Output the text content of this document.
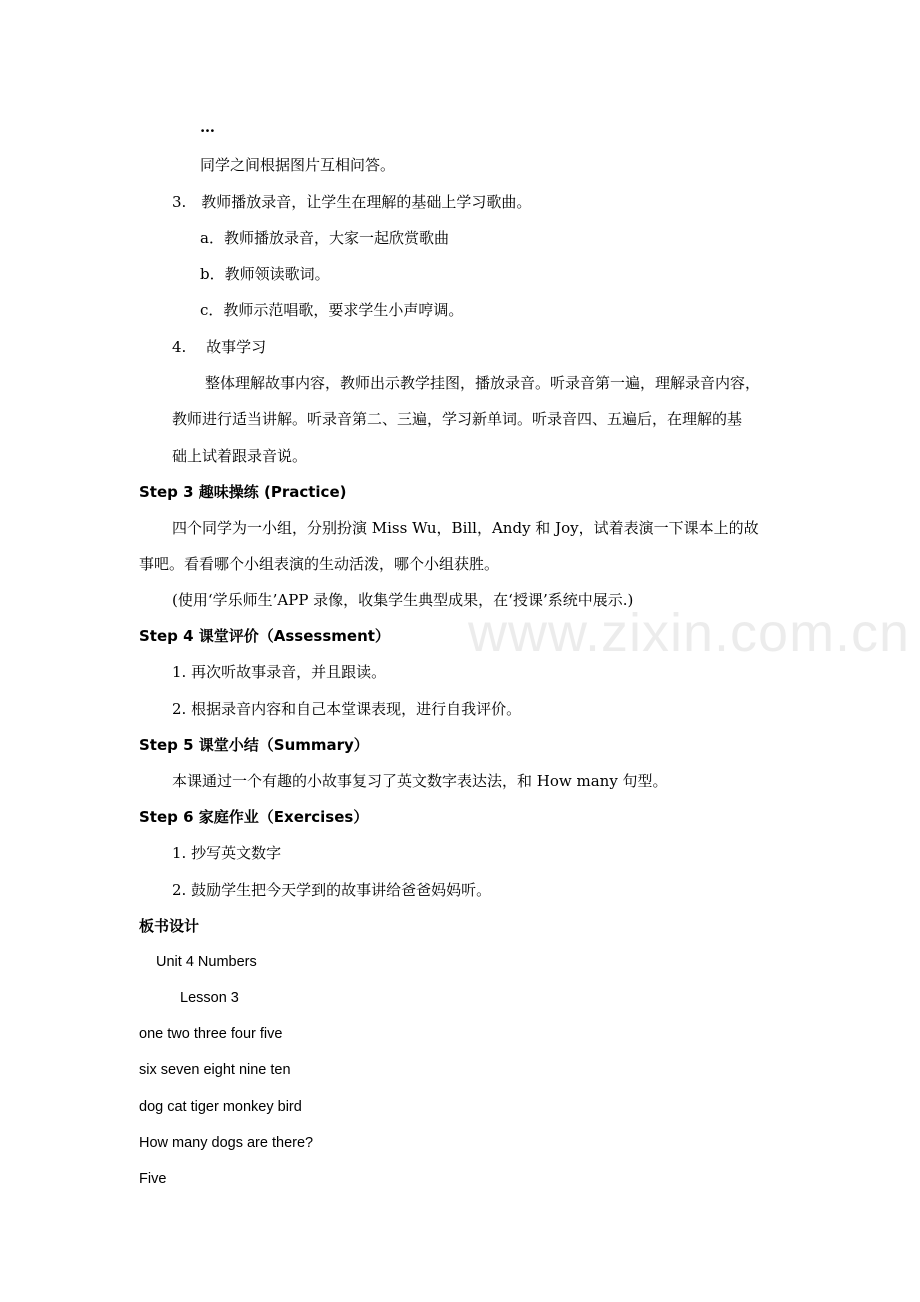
…
同学之间根据图片互相问答。
3.　教师播放录音，让学生在理解的基础上学习歌曲。
a．教师播放录音，大家一起欣赏歌曲
b．教师领读歌词。
c．教师示范唱歌，要求学生小声哼调。
4.　 故事学习
整体理解故事内容，教师出示教学挂图，播放录音。听录音第一遍，理解录音内容，
教师进行适当讲解。听录音第二、三遍，学习新单词。听录音四、五遍后，在理解的基
础上试着跟录音说。
Step 3 趣味操练 (Practice)
四个同学为一小组，分别扮演 Miss Wu，Bill，Andy 和 Joy，试着表演一下课本上的故
事吧。看看哪个小组表演的生动活泼，哪个小组获胜。
(使用‘学乐师生’APP 录像，收集学生典型成果，在‘授课’系统中展示.)
Step 4 课堂评价（Assessment）
1. 再次听故事录音，并且跟读。
2. 根据录音内容和自己本堂课表现，进行自我评价。
Step 5 课堂小结（Summary）
本课通过一个有趣的小故事复习了英文数字表达法，和 How many 句型。
Step 6 家庭作业（Exercises）
1. 抄写英文数字
2. 鼓励学生把今天学到的故事讲给爸爸妈妈听。
板书设计
Unit 4 Numbers
Lesson 3
one two three four five
six seven eight nine ten
dog cat tiger monkey bird
How many dogs are there?
Five
www.zixin.com.cn
